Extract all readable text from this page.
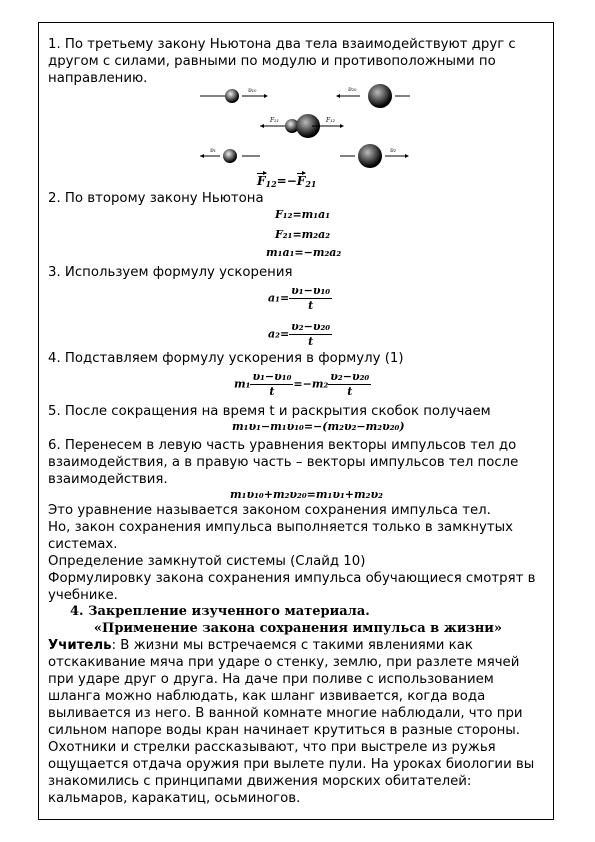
1. По третьему закону Ньютона два тела взаимодействуют друг с другом с силами, равными по модулю и противоположными по направлению.
υ₁₀	υ₂₀
F₂₁	F₁₂
υ₁	υ₂
$F_{12}=-F_{21}$
2. По второму закону Ньютона
F₁₂=m₁a₁
F₂₁=m₂a₂
m₁a₁=−m₂a₂
3. Используем формулу ускорения
$a_1= \frac{\text{υ₁−υ₁₀}}{t}$
$a_2= \frac{\text{υ₂−υ₂₀}}{t}$
4. Подставляем формулу ускорения в формулу (1)
$m_1 \frac{\text{υ₁−υ₁₀}}{t} =-m_2 \frac{\text{υ₂−υ₂₀}}{t}$
5. После сокращения на время t и раскрытия скобок получаем
m₁υ₁−m₁υ₁₀=−(m₂υ₂−m₂υ₂₀)
6. Перенесем в левую часть уравнения векторы импульсов тел до взаимодействия, а в правую часть – векторы импульсов тел после взаимодействия.
m₁υ₁₀+m₂υ₂₀=m₁υ₁+m₂υ₂
Это уравнение называется законом сохранения импульса тел.
Но, закон сохранения импульса выполняется только в замкнутых системах.
Определение замкнутой системы (Слайд 10)
Формулировку закона сохранения импульса обучающиеся смотрят в учебнике.
4. Закрепление изученного материала.
«Применение закона сохранения импульса в жизни»
Учитель: В жизни мы встречаемся с такими явлениями как отскакивание мяча при ударе о стенку, землю, при разлете мячей при ударе друг о друга. На даче при поливе с использованием шланга можно наблюдать, как шланг извивается, когда вода выливается из него. В ванной комнате многие наблюдали, что при сильном напоре воды кран начинает крутиться в разные стороны. Охотники и стрелки рассказывают, что при выстреле из ружья ощущается отдача оружия при вылете пули. На уроках биологии вы знакомились с принципами движения морских обитателей: кальмаров, каракатиц, осьминогов.
